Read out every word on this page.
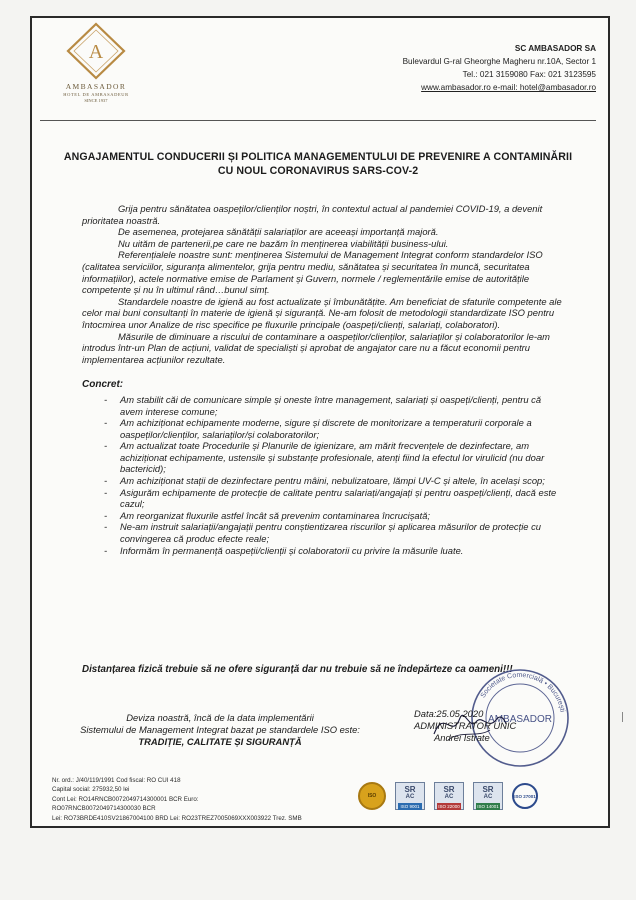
A
AMBASADOR
HOTEL DE AMBASADEUR
SINCE 1937
SC AMBASADOR SA
Bulevardul G-ral Gheorghe Magheru nr.10A, Sector 1
Tel.: 021 3159080 Fax: 021 3123595
www.ambasador.ro e-mail: hotel@ambasador.ro
ANGAJAMENTUL CONDUCERII ȘI POLITICA MANAGEMENTULUI DE PREVENIRE A CONTAMINĂRII
CU NOUL CORONAVIRUS SARS-COV-2

Grija pentru sănătatea oaspeților/clienților noștri, în contextul actual al pandemiei COVID-19, a devenit prioritatea noastră.

De asemenea, protejarea sănătății salariaților are aceeași importanță majoră.

Nu uităm de partenerii,pe care ne bazăm în menținerea viabilității business-ului.

Referențialele noastre sunt: menținerea Sistemului de Management Integrat conform standardelor ISO (calitatea serviciilor, siguranța alimentelor, grija pentru mediu, sănătatea și securitatea în muncă, securitatea informațiilor), actele normative emise de Parlament și Guvern, normele / reglementările emise de autoritățile competente și nu în ultimul rând…bunul simț.

Standardele noastre de igienă au fost actualizate și îmbunătățite. Am beneficiat de sfaturile competente ale celor mai buni consultanți în materie de igienă și siguranță. Ne-am folosit de metodologii standardizate ISO pentru întocmirea unor Analize de risc specifice pe fluxurile principale (oaspeți/clienți, salariați, colaboratori).

Măsurile de diminuare a riscului de contaminare a oaspeților/clienților, salariaților și colaboratorilor le-am introdus într-un Plan de acțiuni, validat de specialiști și aprobat de angajator care nu a făcut economii pentru implementarea acțiunilor rezultate.

Concret:
- Am stabilit căi de comunicare simple și oneste între management, salariați și oaspeți/clienți, pentru că avem interese comune;
- Am achiziționat echipamente moderne, sigure și discrete de monitorizare a temperaturii corporale a oaspeților/clienților, salariaților/și colaboratorilor;
- Am actualizat toate Procedurile și Planurile de igienizare, am mărit frecvențele de dezinfectare, am achiziționat echipamente, ustensile și substanțe profesionale, atenți fiind la efectul lor virulicid (nu doar bactericid);
- Am achiziționat stații de dezinfectare pentru mâini, nebulizatoare, lămpi UV-C și altele, în același scop;
- Asigurăm echipamente de protecție de calitate pentru salariați/angajați și pentru oaspeți/clienți, dacă este cazul;
- Am reorganizat fluxurile astfel încât să prevenim contaminarea încrucișată;
- Ne-am instruit salariații/angajații pentru conștientizarea riscurilor și aplicarea măsurilor de protecție cu convingerea că produc efecte reale;
- Informăm în permanență oaspeții/clienții și colaboratorii cu privire la măsurile luate.
Distanțarea fizică trebuie să ne ofere siguranță dar nu trebuie să ne îndepărteze ca oameni!!!
Deviza noastră, încă de la data implementării
Sistemului de Management Integrat bazat pe standardele ISO este:
TRADIȚIE, CALITATE ȘI SIGURANȚĂ
Societate Comercială • București
AMBASADOR
Data:25.05.2020
ADMINISTRATOR UNIC
Andrei Istrate
Nr. ord.: J/40/119/1991 Cod fiscal: RO CUI 418
Capital social: 275932,50 lei
Cont Lei: RO14RNCB0072049714300001 BCR Euro:
RO07RNCB0072049714300030 BCR
Lei: RO73BRDE410SV21867004100 BRD Lei: RO23TREZ7005069XXX003922 Trez. SMB
ISO
SR
AC
ISO 9001
SR
AC
ISO 22000
SR
AC
ISO 14001
ISO 27001
